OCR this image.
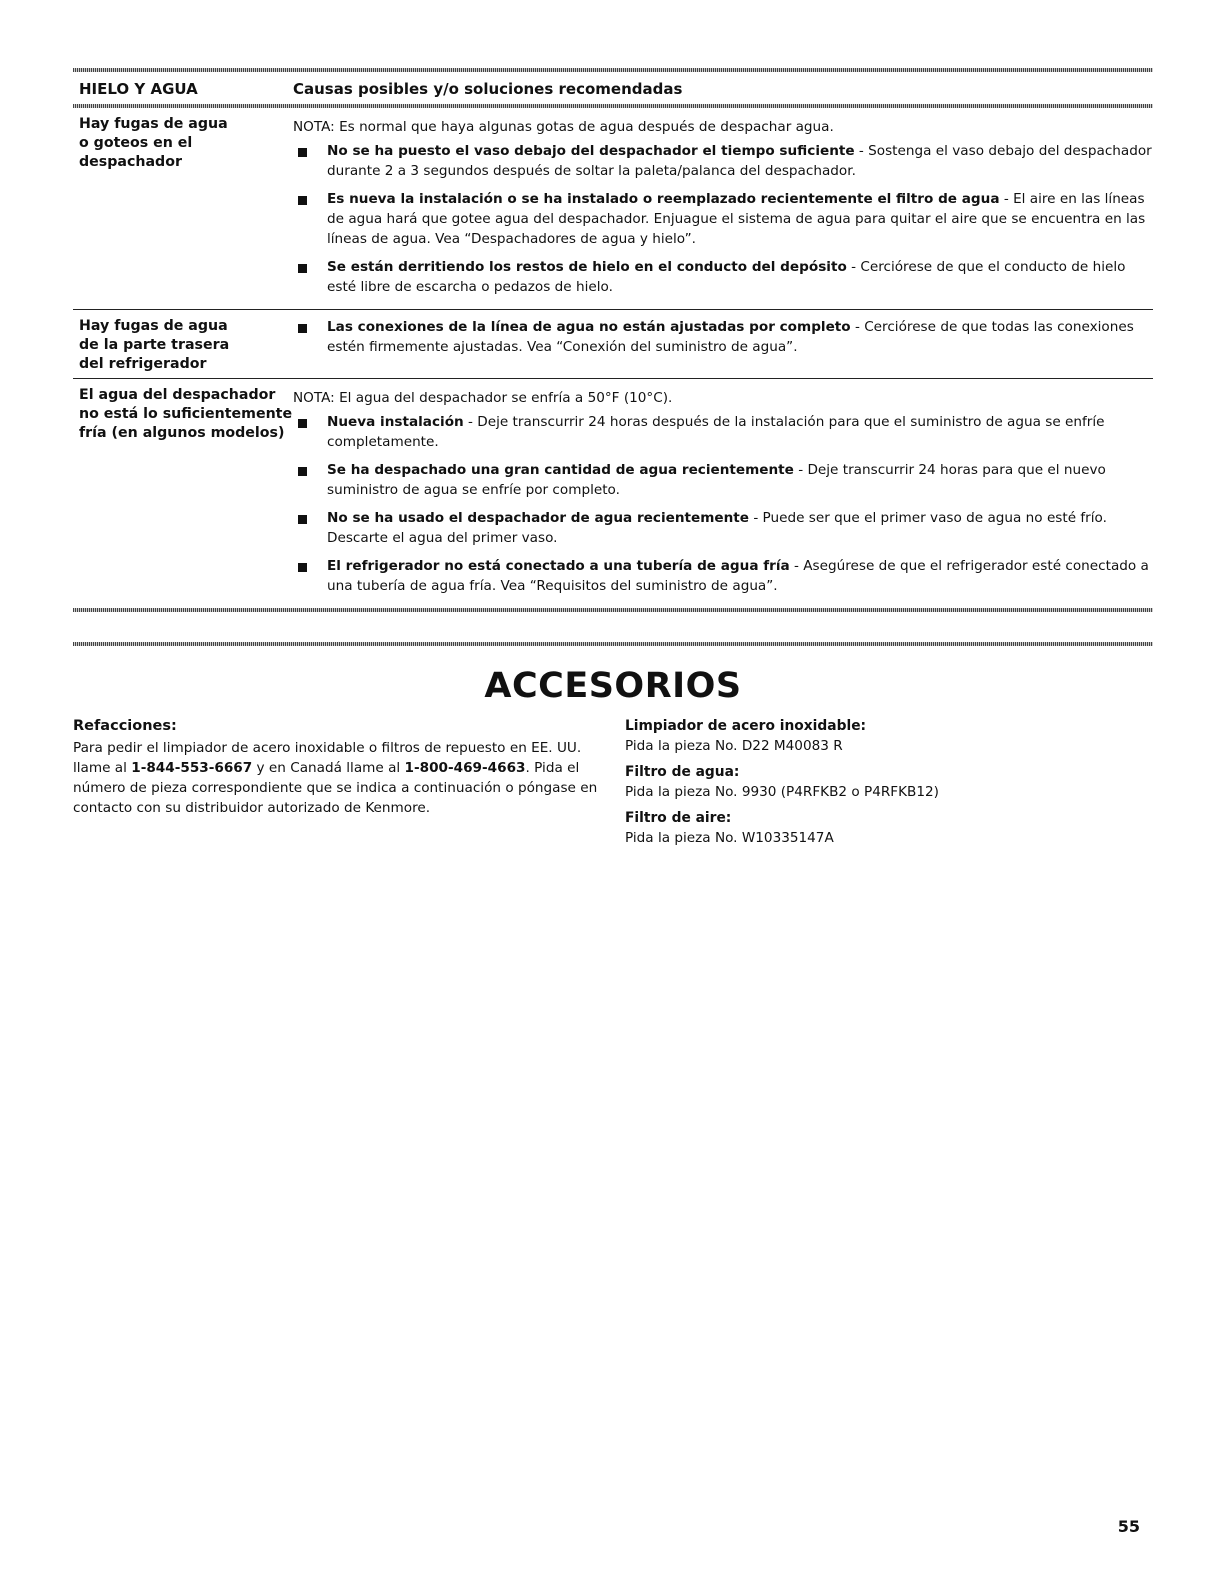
HIELO Y AGUA	Causas posibles y/o soluciones recomendadas
Hay fugas de agua
o goteos en el despachador
NOTA: Es normal que haya algunas gotas de agua después de despachar agua.
No se ha puesto el vaso debajo del despachador el tiempo suficiente - Sostenga el vaso debajo del despachador durante 2 a 3 segundos después de soltar la paleta/palanca del despachador.
Es nueva la instalación o se ha instalado o reemplazado recientemente el filtro de agua - El aire en las líneas de agua hará que gotee agua del despachador. Enjuague el sistema de agua para quitar el aire que se encuentra en las líneas de agua. Vea “Despachadores de agua y hielo”.
Se están derritiendo los restos de hielo en el conducto del depósito - Cerciórese de que el conducto de hielo esté libre de escarcha o pedazos de hielo.
Hay fugas de agua
de la parte trasera
del refrigerador
Las conexiones de la línea de agua no están ajustadas por completo - Cerciórese de que todas las conexiones estén firmemente ajustadas. Vea “Conexión del suministro de agua”.
El agua del despachador
no está lo suficientemente
fría (en algunos modelos)
NOTA: El agua del despachador se enfría a 50°F (10°C).
Nueva instalación - Deje transcurrir 24 horas después de la instalación para que el suministro de agua se enfríe completamente.
Se ha despachado una gran cantidad de agua recientemente - Deje transcurrir 24 horas para que el nuevo suministro de agua se enfríe por completo.
No se ha usado el despachador de agua recientemente - Puede ser que el primer vaso de agua no esté frío. Descarte el agua del primer vaso.
El refrigerador no está conectado a una tubería de agua fría - Asegúrese de que el refrigerador esté conectado a una tubería de agua fría. Vea “Requisitos del suministro de agua”.
ACCESORIOS
Refacciones:
Para pedir el limpiador de acero inoxidable o filtros de repuesto en EE. UU. llame al 1-844-553-6667 y en Canadá llame al 1-800-469-4663. Pida el número de pieza correspondiente que se indica a continuación o póngase en contacto con su distribuidor autorizado de Kenmore.
Limpiador de acero inoxidable:
Pida la pieza No. D22 M40083 R
Filtro de agua:
Pida la pieza No. 9930 (P4RFKB2 o P4RFKB12)
Filtro de aire:
Pida la pieza No. W10335147A
55
